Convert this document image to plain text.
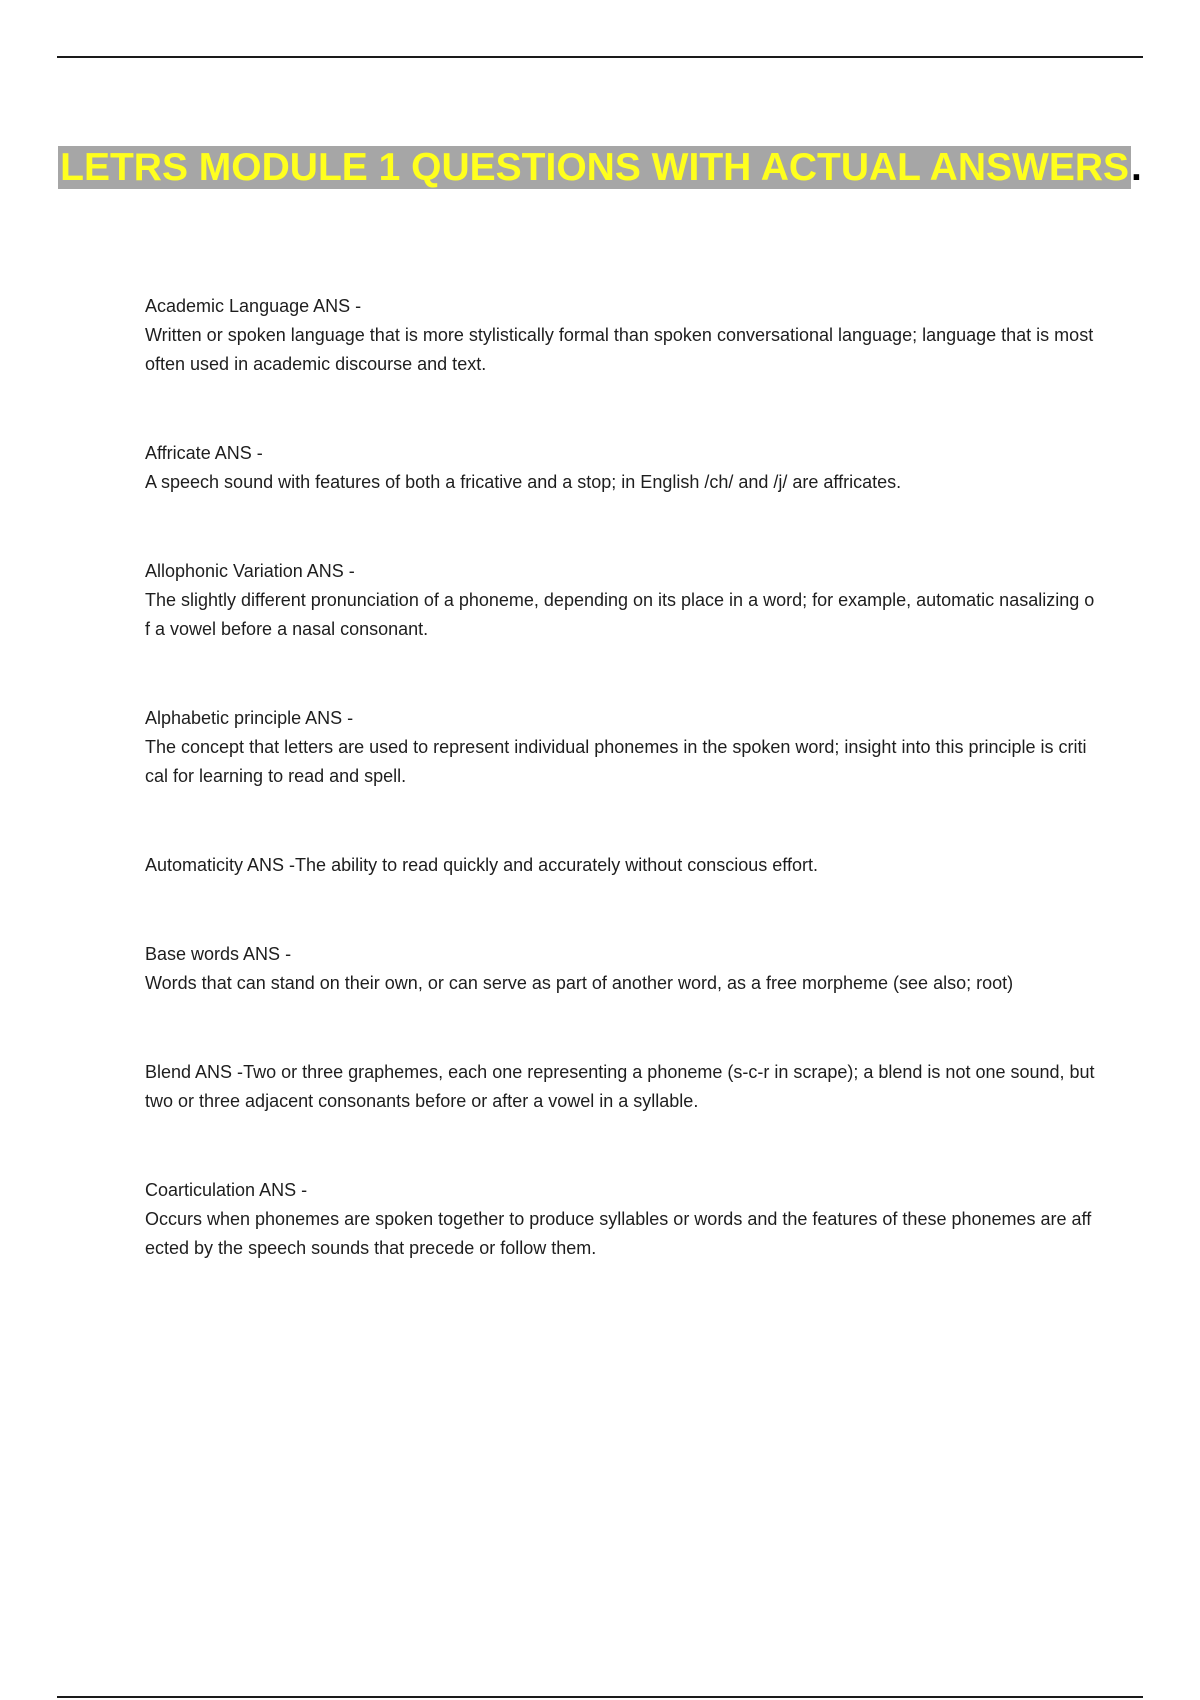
LETRS MODULE 1 QUESTIONS WITH ACTUAL ANSWERS.
Academic Language ANS -
Written or spoken language that is more stylistically formal than spoken conversational language; language that is most often used in academic discourse and text.
Affricate ANS -
A speech sound with features of both a fricative and a stop; in English /ch/ and /j/ are affricates.
Allophonic Variation ANS -
The slightly different pronunciation of a phoneme, depending on its place in a word; for example, automatic nasalizing of a vowel before a nasal consonant.
Alphabetic principle ANS -
The concept that letters are used to represent individual phonemes in the spoken word; insight into this principle is critical for learning to read and spell.
Automaticity ANS -The ability to read quickly and accurately without conscious effort.
Base words ANS -
Words that can stand on their own, or can serve as part of another word, as a free morpheme (see also; root)
Blend ANS -Two or three graphemes, each one representing a phoneme (s-c-r in scrape); a blend is not one sound, but two or three adjacent consonants before or after a vowel in a syllable.
Coarticulation ANS -
Occurs when phonemes are spoken together to produce syllables or words and the features of these phonemes are affected by the speech sounds that precede or follow them.
